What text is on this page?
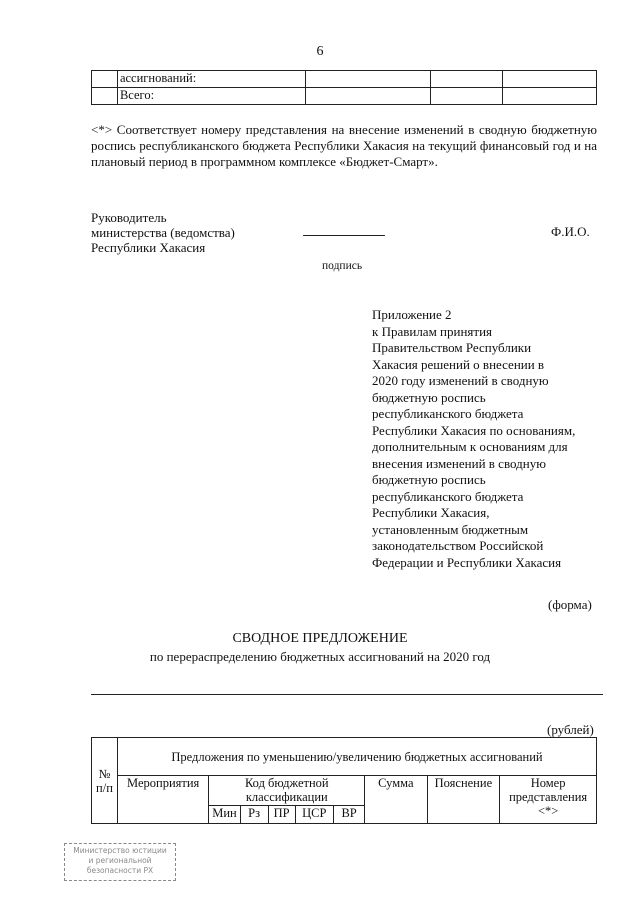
6
	ассигнований:			
	Всего:			
<*> Соответствует номеру представления на внесение изменений в сводную бюджетную роспись республиканского бюджета Республики Хакасия на текущий финансовый год и на плановый период в программном комплексе «Бюджет-Смарт».
Руководитель
министерства (ведомства)
Республики Хакасия
Ф.И.О.
подпись
Приложение 2
к Правилам принятия
Правительством Республики
Хакасия решений о внесении в
2020 году изменений в сводную
бюджетную роспись
республиканского бюджета
Республики Хакасия по основаниям,
дополнительным к основаниям для
внесения изменений в сводную
бюджетную роспись
республиканского бюджета
Республики Хакасия,
установленным бюджетным
законодательством Российской
Федерации и Республики Хакасия
(форма)
СВОДНОЕ ПРЕДЛОЖЕНИЕ
по перераспределению бюджетных ассигнований на 2020 год
(рублей)
№ п/п	Предложения по уменьшению/увеличению бюджетных ассигнований								
	Мероприятия	Код бюджетной классификации					Сумма	Пояснение	Номер представления <*>
		Мин	Рз	ПР	ЦСР	ВР			
Министерство юстиции
и региональной
безопасности РХ
